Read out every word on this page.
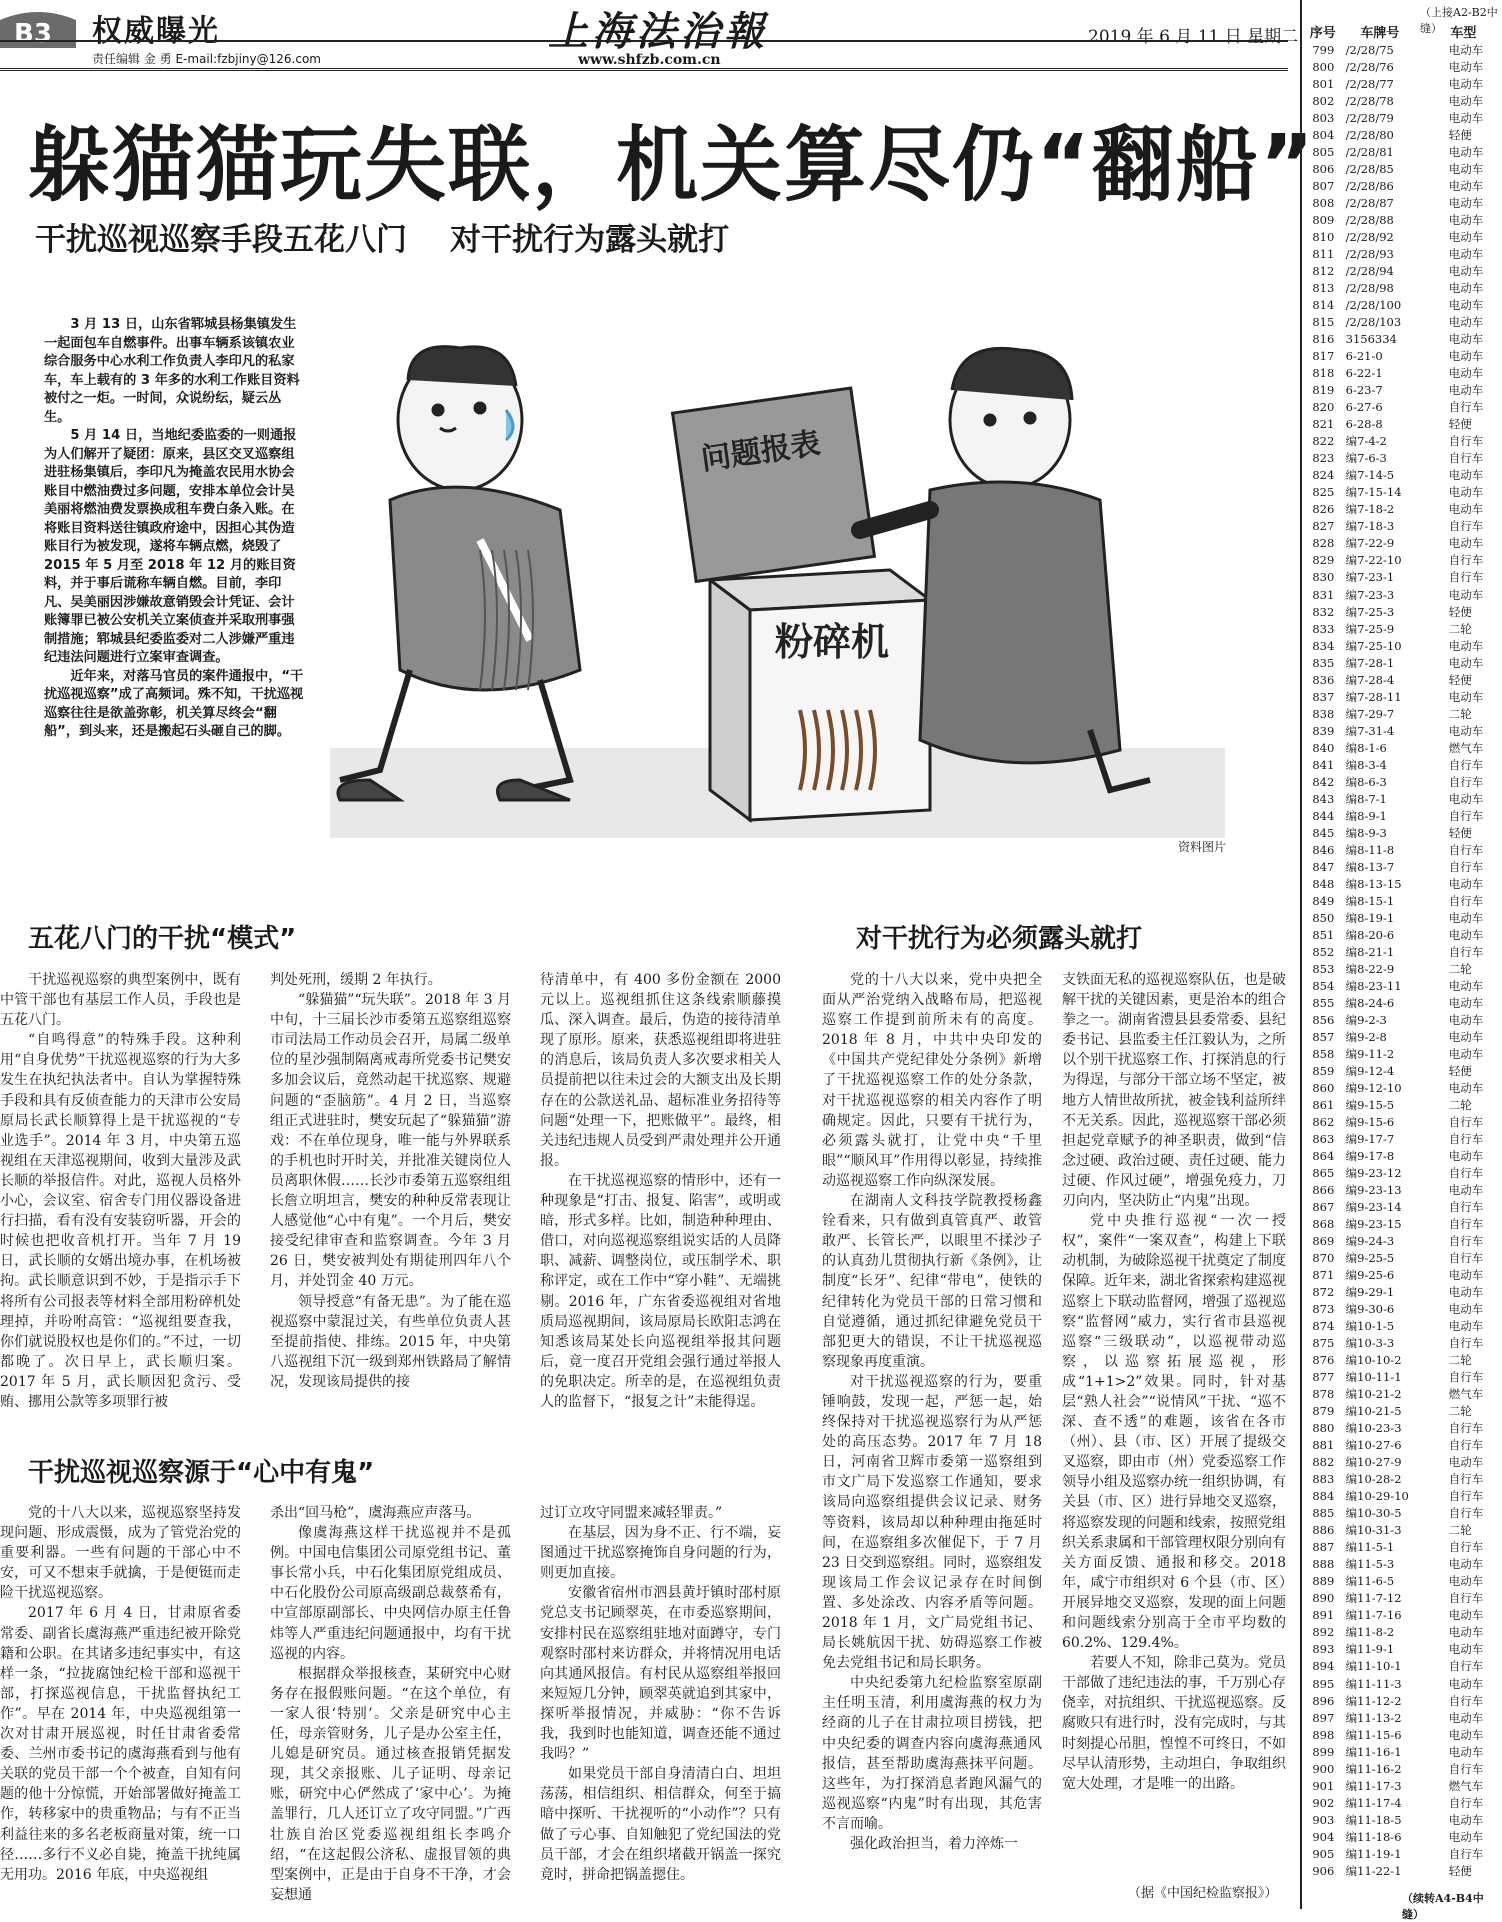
B3 权威曝光
责任编辑 金 勇 E-mail:fzbjiny@126.com
上海法治報
www.shfzb.com.cn
2019 年 6 月 11 日 星期二
躲猫猫玩失联，机关算尽仍“翻船”
干扰巡视巡察手段五花八门    对干扰行为露头就打

3 月 13 日，山东省郓城县杨集镇发生一起面包车自燃事件。出事车辆系该镇农业综合服务中心水利工作负责人李印凡的私家车，车上载有的 3 年多的水利工作账目资料被付之一炬。一时间，众说纷纭，疑云丛生。

5 月 14 日，当地纪委监委的一则通报为人们解开了疑团：原来，县区交叉巡察组进驻杨集镇后，李印凡为掩盖农民用水协会账目中燃油费过多问题，安排本单位会计吴美丽将燃油费发票换成租车费白条入账。在将账目资料送往镇政府途中，因担心其伪造账目行为被发现，遂将车辆点燃，烧毁了 2015 年 5 月至 2018 年 12 月的账目资料，并于事后谎称车辆自燃。目前，李印凡、吴美丽因涉嫌故意销毁会计凭证、会计账簿罪已被公安机关立案侦查并采取刑事强制措施；郓城县纪委监委对二人涉嫌严重违纪违法问题进行立案审查调查。

近年来，对落马官员的案件通报中，“干扰巡视巡察”成了高频词。殊不知，干扰巡视巡察往往是欲盖弥彰，机关算尽终会“翻船”，到头来，还是搬起石头砸自己的脚。

粉碎机
问题报表
资料图片
五花八门的干扰“模式”

干扰巡视巡察的典型案例中，既有中管干部也有基层工作人员，手段也是五花八门。

“自鸣得意”的特殊手段。这种利用“自身优势”干扰巡视巡察的行为大多发生在执纪执法者中。自认为掌握特殊手段和具有反侦查能力的天津市公安局原局长武长顺算得上是干扰巡视的“专业选手”。2014 年 3 月，中央第五巡视组在天津巡视期间，收到大量涉及武长顺的举报信件。对此，巡视人员格外小心，会议室、宿舍专门用仪器设备进行扫描，看有没有安装窃听器，开会的时候也把收音机打开。当年 7 月 19 日，武长顺的女婿出境办事，在机场被拘。武长顺意识到不妙，于是指示手下将所有公司报表等材料全部用粉碎机处理掉，并吩咐高管：“巡视组要查我，你们就说股权也是你们的。”不过，一切都晚了。次日早上，武长顺归案。2017 年 5 月，武长顺因犯贪污、受贿、挪用公款等多项罪行被

判处死刑，缓期 2 年执行。

“躲猫猫”“玩失联”。2018 年 3 月中旬，十三届长沙市委第五巡察组巡察市司法局工作动员会召开，局属二级单位的星沙强制隔离戒毒所党委书记樊安多加会议后，竟然动起干扰巡察、规避问题的“歪脑筋”。4 月 2 日，当巡察组正式进驻时，樊安玩起了“躲猫猫”游戏：不在单位现身，唯一能与外界联系的手机也时开时关，并批准关键岗位人员离职休假……长沙市委第五巡察组组长詹立明坦言，樊安的种种反常表现让人感觉他“心中有鬼”。一个月后，樊安接受纪律审查和监察调查。今年 3 月 26 日，樊安被判处有期徒刑四年八个月，并处罚金 40 万元。

领导授意“有备无患”。为了能在巡视巡察中蒙混过关，有些单位负责人甚至提前指使、排练。2015 年，中央第八巡视组下沉一级到郑州铁路局了解情况，发现该局提供的接

待清单中，有 400 多份金额在 2000 元以上。巡视组抓住这条线索顺藤摸瓜、深入调查。最后，伪造的接待清单现了原形。原来，获悉巡视组即将进驻的消息后，该局负责人多次要求相关人员提前把以往未过会的大额支出及长期存在的公款送礼品、超标准业务招待等问题“处理一下，把账做平”。最终，相关违纪违规人员受到严肃处理并公开通报。

在干扰巡视巡察的情形中，还有一种现象是“打击、报复、陷害”，或明或暗，形式多样。比如，制造种种理由、借口，对向巡视巡察组说实话的人员降职、减薪、调整岗位，或压制学术、职称评定，或在工作中“穿小鞋”、无端挑剔。2016 年，广东省委巡视组对省地质局巡视期间，该局原局长欧阳志鸿在知悉该局某处长向巡视组举报其问题后，竟一度召开党组会强行通过举报人的免职决定。所幸的是，在巡视组负责人的监督下，“报复之计”未能得逞。

干扰巡视巡察源于“心中有鬼”

党的十八大以来，巡视巡察坚持发现问题、形成震慑，成为了管党治党的重要利器。一些有问题的干部心中不安，可又不想束手就擒，于是便铤而走险干扰巡视巡察。

2017 年 6 月 4 日，甘肃原省委常委、副省长虞海燕严重违纪被开除党籍和公职。在其诸多违纪事实中，有这样一条，“拉拢腐蚀纪检干部和巡视干部，打探巡视信息，干扰监督执纪工作”。早在 2014 年，中央巡视组第一次对甘肃开展巡视，时任甘肃省委常委、兰州市委书记的虞海燕看到与他有关联的党员干部一个个被查，自知有问题的他十分惊慌，开始部署做好掩盖工作，转移家中的贵重物品；与有不正当利益往来的多名老板商量对策，统一口径……多行不义必自毙，掩盖干扰纯属无用功。2016 年底，中央巡视组

杀出“回马枪”，虞海燕应声落马。

像虞海燕这样干扰巡视并不是孤例。中国电信集团公司原党组书记、董事长常小兵，中石化集团原党组成员、中石化股份公司原高级副总裁蔡希有，中宣部原副部长、中央网信办原主任鲁炜等人严重违纪问题通报中，均有干扰巡视的内容。

根据群众举报核查，某研究中心财务存在报假账问题。“在这个单位，有一家人很‘特别’。父亲是研究中心主任，母亲管财务，儿子是办公室主任，儿媳是研究员。通过核查报销凭据发现，其父亲报账、儿子证明、母亲记账，研究中心俨然成了‘家中心’。为掩盖罪行，几人还订立了攻守同盟。”广西壮族自治区党委巡视组组长李鸣介绍，“在这起假公济私、虚报冒领的典型案例中，正是由于自身不干净，才会妄想通

过订立攻守同盟来减轻罪责。”

在基层，因为身不正、行不端，妄图通过干扰巡察掩饰自身问题的行为，则更加直接。

安徽省宿州市泗县黄圩镇时邵村原党总支书记顾翠英，在市委巡察期间，安排村民在巡察组驻地对面蹲守，专门观察时邵村来访群众，并将情况用电话向其通风报信。有村民从巡察组举报回来短短几分钟，顾翠英就追到其家中，探听举报情况，并威胁：“你不告诉我，我到时也能知道，调查还能不通过我吗？”

如果党员干部自身清清白白、坦坦荡荡，相信组织、相信群众，何至于搞暗中探听、干扰视听的“小动作”？只有做了亏心事、自知触犯了党纪国法的党员干部，才会在组织堵截开锅盖一探究竟时，拼命把锅盖摁住。

对干扰行为必须露头就打

党的十八大以来，党中央把全面从严治党纳入战略布局，把巡视巡察工作提到前所未有的高度。2018 年 8 月，中共中央印发的《中国共产党纪律处分条例》新增了干扰巡视巡察工作的处分条款，对干扰巡视巡察的相关内容作了明确规定。因此，只要有干扰行为，必须露头就打，让党中央“千里眼”“顺风耳”作用得以彰显，持续推动巡视巡察工作向纵深发展。

在湖南人文科技学院教授杨鑫铨看来，只有做到真管真严、敢管敢严、长管长严，以眼里不揉沙子的认真劲儿贯彻执行新《条例》，让制度“长牙”、纪律“带电”，使铁的纪律转化为党员干部的日常习惯和自觉遵循，通过抓纪律避免党员干部犯更大的错误，不让干扰巡视巡察现象再度重演。

对干扰巡视巡察的行为，要重锤响鼓，发现一起，严惩一起，始终保持对干扰巡视巡察行为从严惩处的高压态势。2017 年 7 月 18 日，河南省卫辉市委第一巡察组到市文广局下发巡察工作通知，要求该局向巡察组提供会议记录、财务等资料，该局却以种种理由拖延时间，在巡察组多次催促下，于 7 月 23 日交到巡察组。同时，巡察组发现该局工作会议记录存在时间倒置、多处涂改、内容矛盾等问题。2018 年 1 月，文广局党组书记、局长姚航因干扰、妨碍巡察工作被免去党组书记和局长职务。

中央纪委第九纪检监察室原副主任明玉清，利用虞海燕的权力为经商的儿子在甘肃拉项目捞钱，把中央纪委的调查内容向虞海燕通风报信，甚至帮助虞海燕抹平问题。这些年，为打探消息者跑风漏气的巡视巡察“内鬼”时有出现，其危害不言而喻。

强化政治担当，着力淬炼一

支铁面无私的巡视巡察队伍，也是破解干扰的关键因素，更是治本的组合拳之一。湖南省澧县县委常委、县纪委书记、县监委主任江毅认为，之所以个别干扰巡察工作、打探消息的行为得逞，与部分干部立场不坚定，被地方人情世故所扰，被金钱利益所绊不无关系。因此，巡视巡察干部必须担起党章赋予的神圣职责，做到“信念过硬、政治过硬、责任过硬、能力过硬、作风过硬”，增强免疫力，刀刃向内，坚决防止“内鬼”出现。

党中央推行巡视“一次一授权”，案件“一案双查”，构建上下联动机制，为破除巡视干扰奠定了制度保障。近年来，湖北省探索构建巡视巡察上下联动监督网，增强了巡视巡察“监督网”威力，实行省市县巡视巡察“三级联动”，以巡视带动巡察，以巡察拓展巡视，形成“1+1>2”效果。同时，针对基层“熟人社会”“说情风”干扰、“巡不深、查不透”的难题，该省在各市（州）、县（市、区）开展了提级交叉巡察，即由市（州）党委巡察工作领导小组及巡察办统一组织协调，有关县（市、区）进行异地交叉巡察，将巡察发现的问题和线索，按照党组织关系隶属和干部管理权限分别向有关方面反馈、通报和移交。2018 年，咸宁市组织对 6 个县（市、区）开展异地交叉巡察，发现的面上问题和问题线索分别高于全市平均数的 60.2%、129.4%。

若要人不知，除非己莫为。党员干部做了违纪违法的事，千万别心存侥幸，对抗组织、干扰巡视巡察。反腐败只有进行时，没有完成时，与其时刻提心吊胆，惶惶不可终日，不如尽早认清形势，主动坦白，争取组织宽大处理，才是唯一的出路。

（据《中国纪检监察报》）
（上接A2-B2中缝）
序号	车牌号	车型
799 /2/28/75	电动车
800 /2/28/76	电动车
801 /2/28/77	电动车
802 /2/28/78	电动车
803 /2/28/79	电动车
804 /2/28/80	轻便
805 /2/28/81	电动车
806 /2/28/85	电动车
807 /2/28/86	电动车
808 /2/28/87	电动车
809 /2/28/88	电动车
810 /2/28/92	电动车
811 /2/28/93	电动车
812 /2/28/94	电动车
813 /2/28/98	电动车
814 /2/28/100	电动车
815 /2/28/103	电动车
816 3156334	电动车
817 6-21-0	电动车
818 6-22-1	电动车
819 6-23-7	电动车
820 6-27-6	自行车
821 6-28-8	轻便
822 编7-4-2	自行车
823 编7-6-3	自行车
824 编7-14-5	电动车
825 编7-15-14	电动车
826 编7-18-2	电动车
827 编7-18-3	自行车
828 编7-22-9	电动车
829 编7-22-10	自行车
830 编7-23-1	自行车
831 编7-23-3	电动车
832 编7-25-3	轻便
833 编7-25-9	二轮
834 编7-25-10	电动车
835 编7-28-1	电动车
836 编7-28-4	轻便
837 编7-28-11	电动车
838 编7-29-7	二轮
839 编7-31-4	电动车
840 编8-1-6	燃气车
841 编8-3-4	自行车
842 编8-6-3	自行车
843 编8-7-1	电动车
844 编8-9-1	自行车
845 编8-9-3	轻便
846 编8-11-8	自行车
847 编8-13-7	自行车
848 编8-13-15	电动车
849 编8-15-1	自行车
850 编8-19-1	电动车
851 编8-20-6	电动车
852 编8-21-1	自行车
853 编8-22-9	二轮
854 编8-23-11	电动车
855 编8-24-6	电动车
856 编9-2-3	电动车
857 编9-2-8	电动车
858 编9-11-2	电动车
859 编9-12-4	轻便
860 编9-12-10	电动车
861 编9-15-5	二轮
862 编9-15-6	自行车
863 编9-17-7	自行车
864 编9-17-8	电动车
865 编9-23-12	自行车
866 编9-23-13	电动车
867 编9-23-14	自行车
868 编9-23-15	自行车
869 编9-24-3	自行车
870 编9-25-5	自行车
871 编9-25-6	电动车
872 编9-29-1	电动车
873 编9-30-6	电动车
874 编10-1-5	电动车
875 编10-3-3	自行车
876 编10-10-2	二轮
877 编10-11-1	自行车
878 编10-21-2	燃气车
879 编10-21-5	二轮
880 编10-23-3	自行车
881 编10-27-6	自行车
882 编10-27-9	电动车
883 编10-28-2	自行车
884 编10-29-10	自行车
885 编10-30-5	自行车
886 编10-31-3	二轮
887 编11-5-1	自行车
888 编11-5-3	电动车
889 编11-6-5	电动车
890 编11-7-12	自行车
891 编11-7-16	电动车
892 编11-8-2	电动车
893 编11-9-1	电动车
894 编11-10-1	自行车
895 编11-11-3	电动车
896 编11-12-2	自行车
897 编11-13-2	电动车
898 编11-15-6	电动车
899 编11-16-1	电动车
900 编11-16-2	自行车
901 编11-17-3	燃气车
902 编11-17-4	自行车
903 编11-18-5	电动车
904 编11-18-6	电动车
905 编11-19-1	自行车
906 编11-22-1	轻便
（续转A4-B4中缝）
